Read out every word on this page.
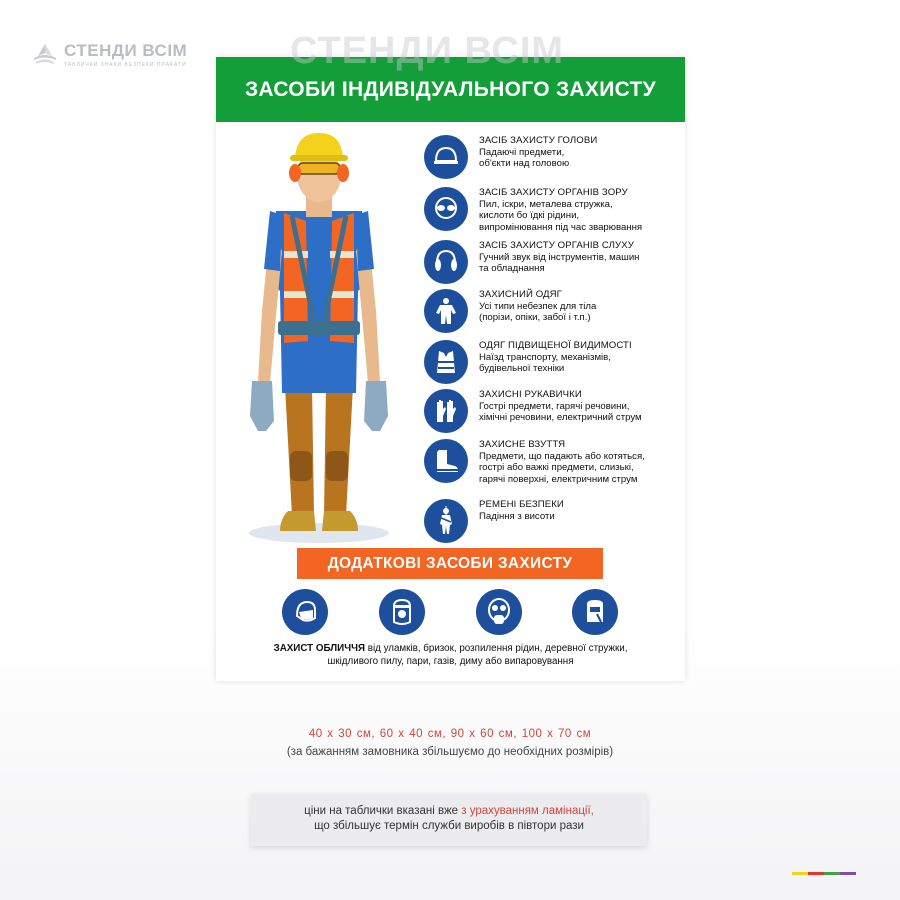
СТЕНДИ ВСІМ
ТАБЛИЧКИ ЗНАКИ БЕЗПЕКИ ПЛАКАТИ	СТЕНДИ ВСІМ
ЗАСОБИ ІНДИВІДУАЛЬНОГО ЗАХИСТУ
ЗАСІБ ЗАХИСТУ ГОЛОВИ
Падаючі предмети,
об'єкти над головою
ЗАСІБ ЗАХИСТУ ОРГАНІВ ЗОРУ
Пил, іскри, металева стружка,
кислоти бо їдкі рідини,
випромінювання під час зварювання
ЗАСІБ ЗАХИСТУ ОРГАНІВ СЛУХУ
Гучний звук від інструментів, машин
та обладнання
ЗАХИСНИЙ ОДЯГ
Усі типи небезпек для тіла
(порізи, опіки, забої і т.п.)
ОДЯГ ПІДВИЩЕНОЇ ВИДИМОСТІ
Наїзд транспорту, механізмів,
будівельної техніки
ЗАХИСНІ РУКАВИЧКИ
Гострі предмети, гарячі речовини,
хімічні речовини, електричний струм
ЗАХИСНЕ ВЗУТТЯ
Предмети, що падають або котяться,
гострі або важкі предмети, слизькі,
гарячі поверхні, електричним струм
РЕМЕНІ БЕЗПЕКИ
Падіння з висоти
ДОДАТКОВІ ЗАСОБИ ЗАХИСТУ
ЗАХИСТ ОБЛИЧЧЯ від уламків, бризок, розпилення рідин, деревної стружки,
шкідливого пилу, пари, газів, диму або випаровування
40 х 30 см, 60 х 40 см, 90 х 60 см, 100 х 70 см
(за бажанням замовника збільшуємо до необхідних розмірів)
ціни на таблички вказані вже з урахуванням ламінації,
що збільшує термін служби виробів в півтори рази
